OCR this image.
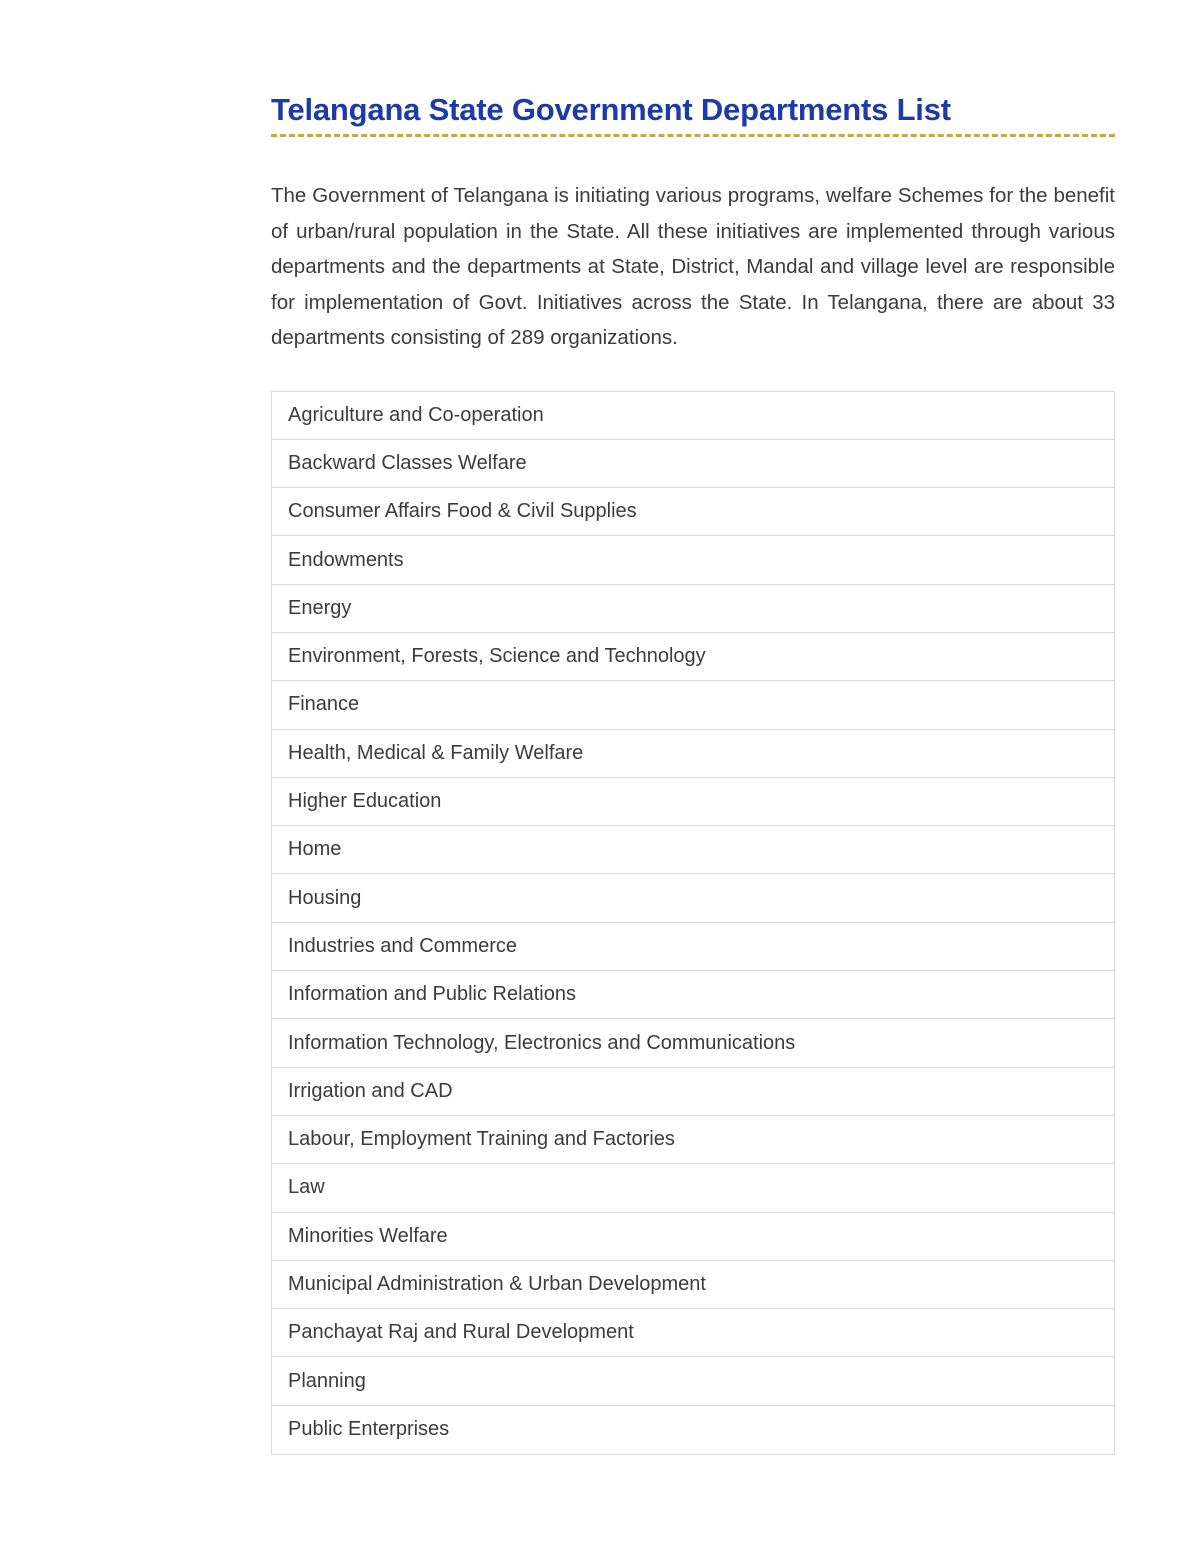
Telangana State Government Departments List

The Government of Telangana is initiating various programs, welfare Schemes for the benefit of urban/rural population in the State. All these initiatives are implemented through various departments and the departments at State, District, Mandal and village level are responsible for implementation of Govt. Initiatives across the State. In Telangana, there are about 33 departments consisting of 289 organizations.

Agriculture and Co-operation
Backward Classes Welfare
Consumer Affairs Food & Civil Supplies
Endowments
Energy
Environment, Forests, Science and Technology
Finance
Health, Medical & Family Welfare
Higher Education
Home
Housing
Industries and Commerce
Information and Public Relations
Information Technology, Electronics and Communications
Irrigation and CAD
Labour, Employment Training and Factories
Law
Minorities Welfare
Municipal Administration & Urban Development
Panchayat Raj and Rural Development
Planning
Public Enterprises
